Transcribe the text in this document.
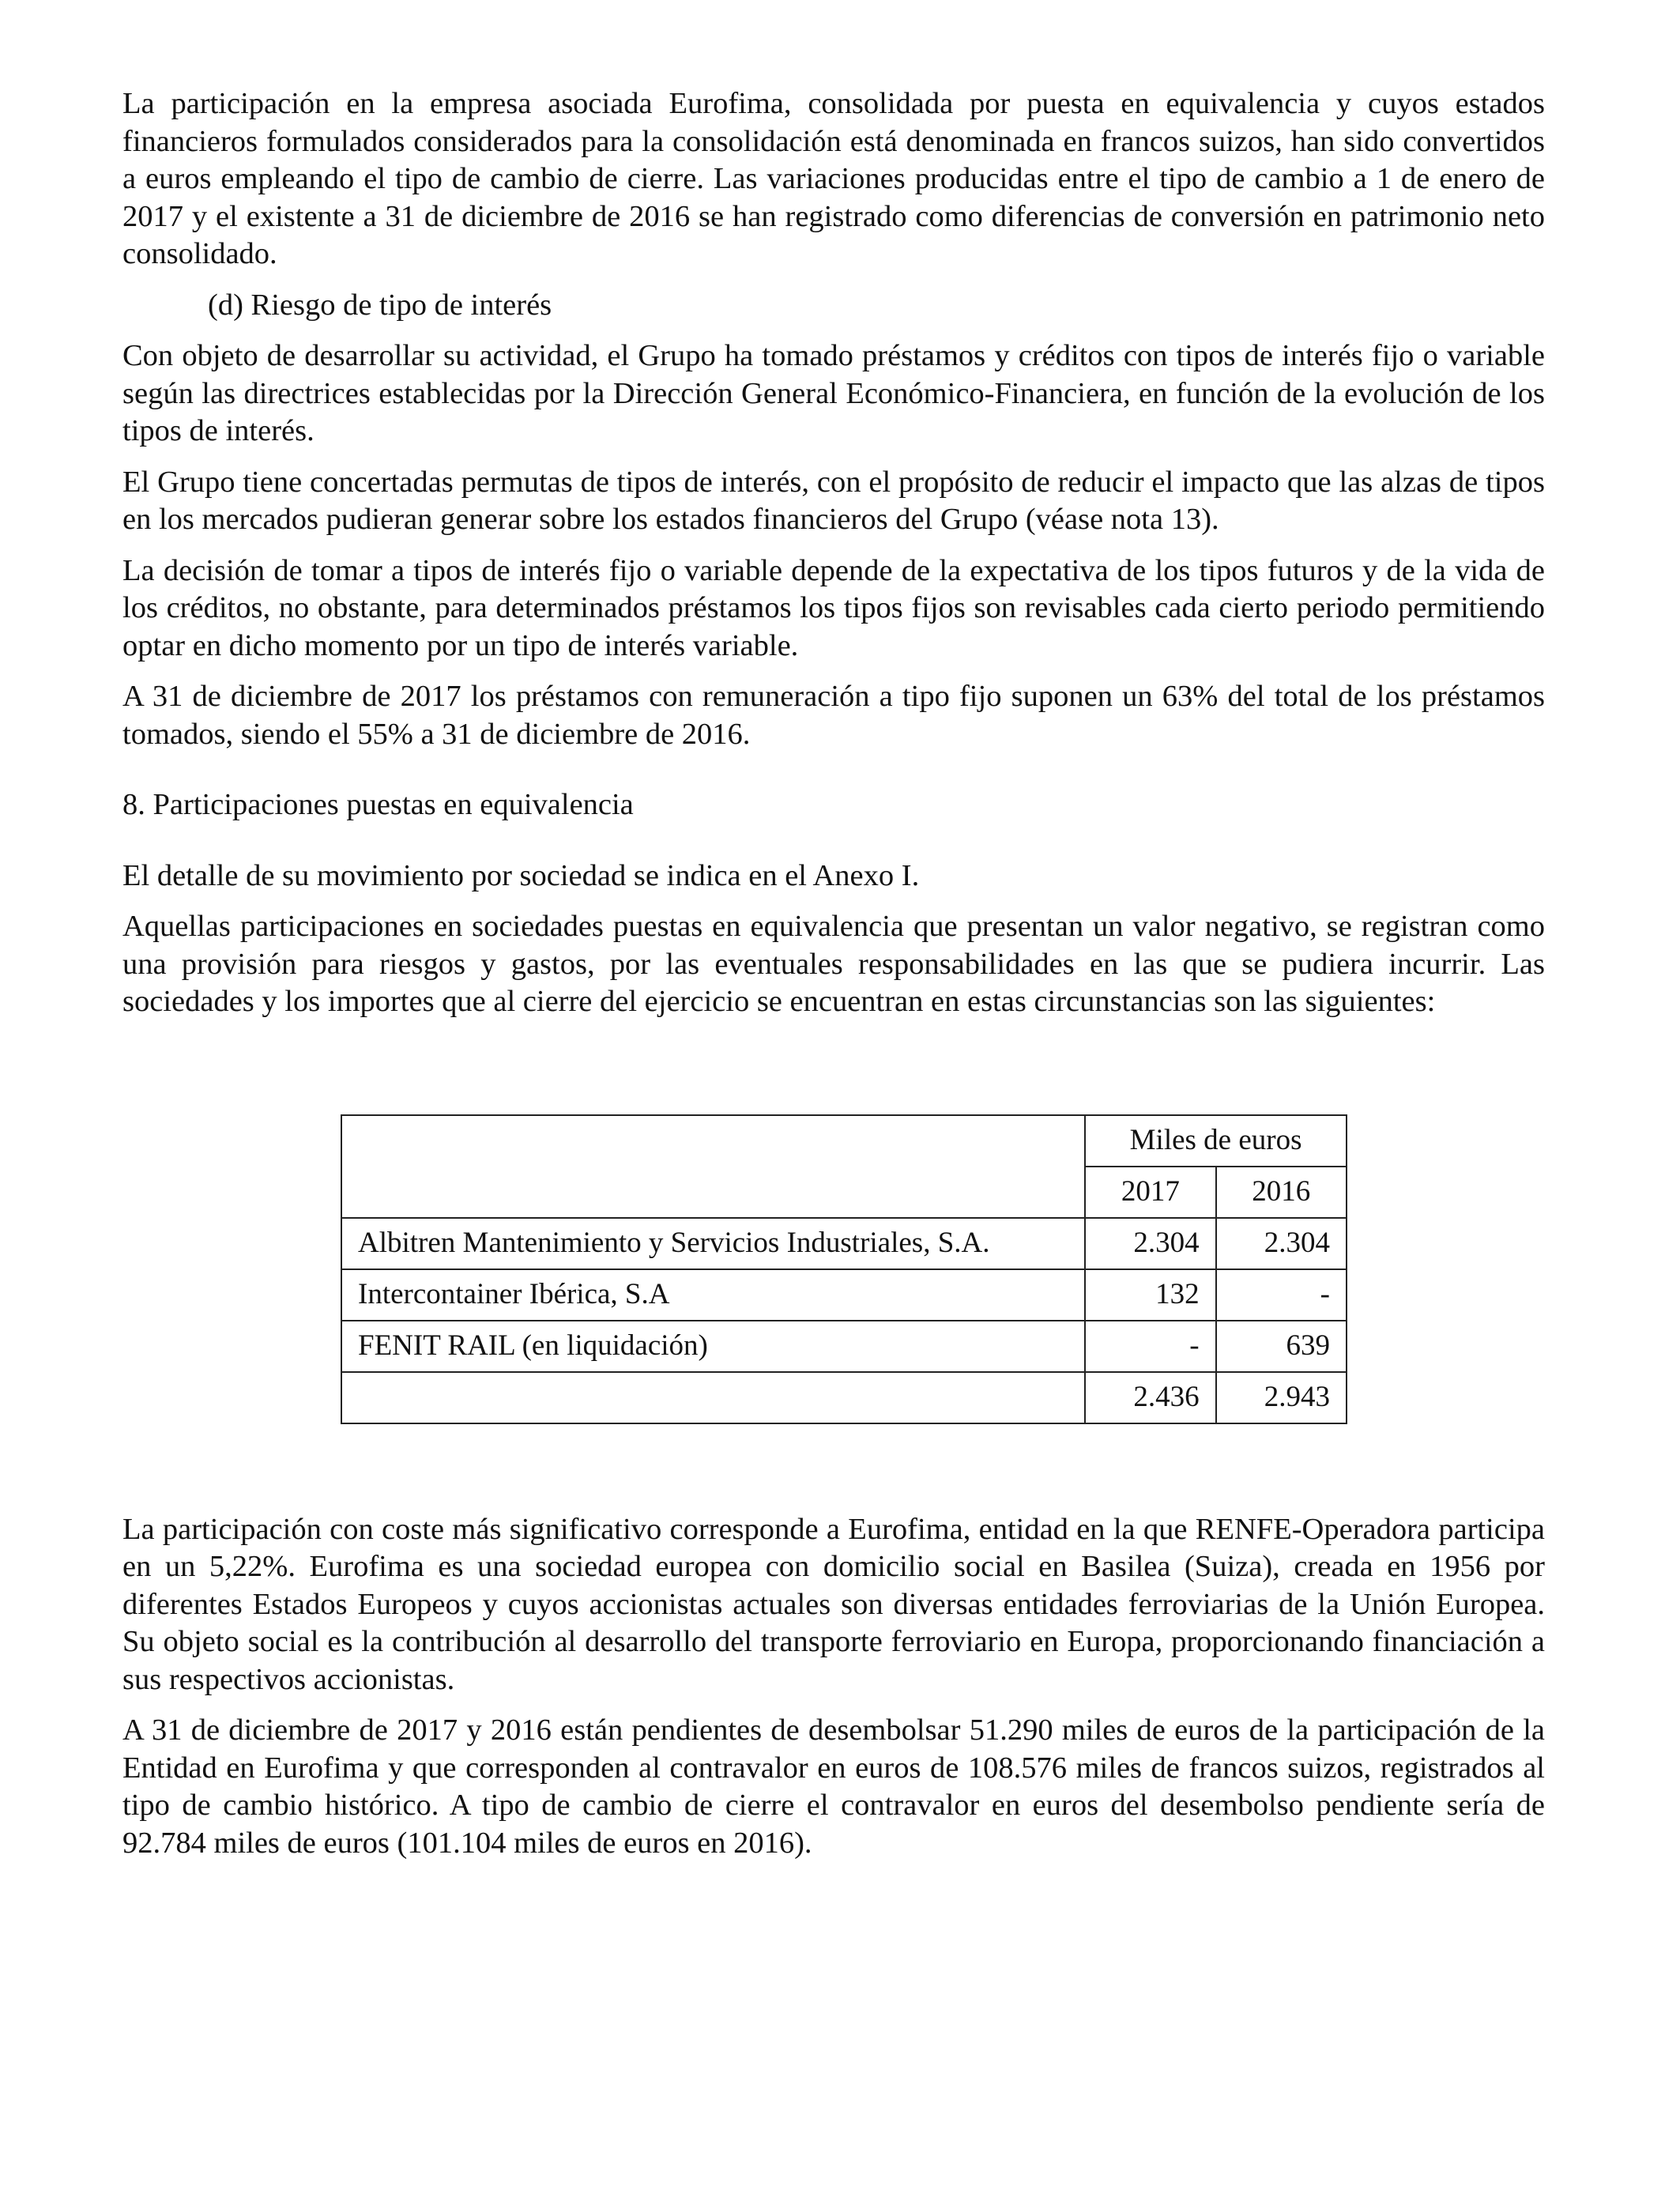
La participación en la empresa asociada Eurofima, consolidada por puesta en equivalencia y cuyos estados financieros formulados considerados para la consolidación está denominada en francos suizos, han sido convertidos a euros empleando el tipo de cambio de cierre. Las variaciones producidas entre el tipo de cambio a 1 de enero de 2017 y el existente a 31 de diciembre de 2016 se han registrado como diferencias de conversión en patrimonio neto consolidado.

(d) Riesgo de tipo de interés

Con objeto de desarrollar su actividad, el Grupo ha tomado préstamos y créditos con tipos de interés fijo o variable según las directrices establecidas por la Dirección General Económico-Financiera, en función de la evolución de los tipos de interés.

El Grupo tiene concertadas permutas de tipos de interés, con el propósito de reducir el impacto que las alzas de tipos en los mercados pudieran generar sobre los estados financieros del Grupo (véase nota 13).

La decisión de tomar a tipos de interés fijo o variable depende de la expectativa de los tipos futuros y de la vida de los créditos, no obstante, para determinados préstamos los tipos fijos son revisables cada cierto periodo permitiendo optar en dicho momento por un tipo de interés variable.

A 31 de diciembre de 2017 los préstamos con remuneración a tipo fijo suponen un 63% del total de los préstamos tomados, siendo el 55% a 31 de diciembre de 2016.

8. Participaciones puestas en equivalencia

El detalle de su movimiento por sociedad se indica en el Anexo I.

Aquellas participaciones en sociedades puestas en equivalencia que presentan un valor negativo, se registran como una provisión para riesgos y gastos, por las eventuales responsabilidades en las que se pudiera incurrir. Las sociedades y los importes que al cierre del ejercicio se encuentran en estas circunstancias son las siguientes:

	Miles de euros	
	2017	2016
Albitren Mantenimiento y Servicios Industriales, S.A.	2.304	2.304
Intercontainer Ibérica, S.A	132	-
FENIT RAIL (en liquidación)	-	639
	2.436	2.943

La participación con coste más significativo corresponde a Eurofima, entidad en la que RENFE-Operadora participa en un 5,22%. Eurofima es una sociedad europea con domicilio social en Basilea (Suiza), creada en 1956 por diferentes Estados Europeos y cuyos accionistas actuales son diversas entidades ferroviarias de la Unión Europea. Su objeto social es la contribución al desarrollo del transporte ferroviario en Europa, proporcionando financiación a sus respectivos accionistas.

A 31 de diciembre de 2017 y 2016 están pendientes de desembolsar 51.290 miles de euros de la participación de la Entidad en Eurofima y que corresponden al contravalor en euros de 108.576 miles de francos suizos, registrados al tipo de cambio histórico. A tipo de cambio de cierre el contravalor en euros del desembolso pendiente sería de 92.784 miles de euros (101.104 miles de euros en 2016).
